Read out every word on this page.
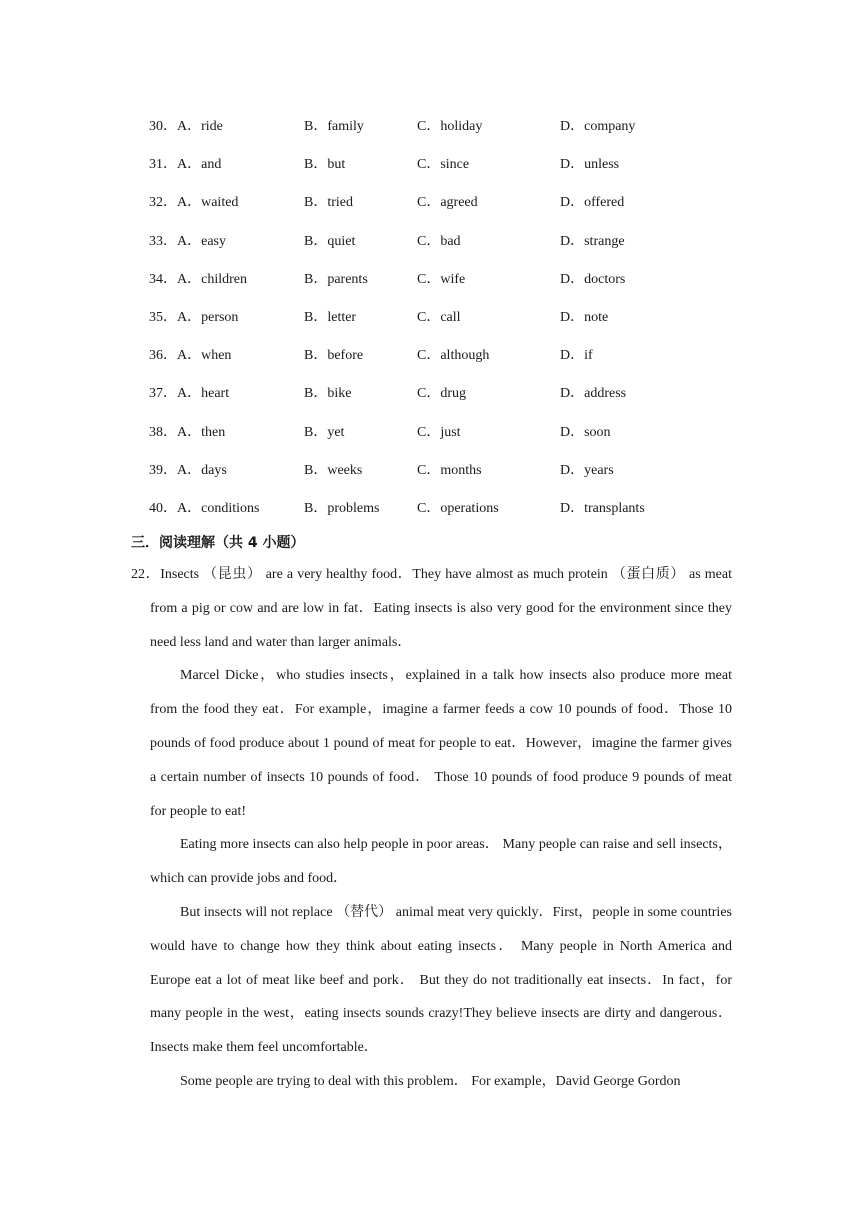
30．A．ride	B．family	C．holiday	D．company
31．A．and	B．but	C．since	D．unless
32．A．waited	B．tried	C．agreed	D．offered
33．A．easy	B．quiet	C．bad	D．strange
34．A．children	B．parents	C．wife	D．doctors
35．A．person	B．letter	C．call	D．note
36．A．when	B．before	C．although	D．if
37．A．heart	B．bike	C．drug	D．address
38．A．then	B．yet	C．just	D．soon
39．A．days	B．weeks	C．months	D．years
40．A．conditions	B．problems	C．operations	D．transplants
三．阅读理解（共 4 小题）

22．Insects （昆虫） are a very healthy food．They have almost as much protein （蛋白质） as meat from a pig or cow and are low in fat．Eating insects is also very good for the environment since they need less land and water than larger animals．

Marcel Dicke，who studies insects，explained in a talk how insects also produce more meat from the food they eat．For example，imagine a farmer feeds a cow 10 pounds of food．Those 10 pounds of food produce about 1 pound of meat for people to eat．However，imagine the farmer gives a certain number of insects 10 pounds of food． Those 10 pounds of food produce 9 pounds of meat for people to eat!

Eating more insects can also help people in poor areas． Many people can raise and sell insects，which can provide jobs and food．

But insects will not replace （替代） animal meat very quickly．First，people in some countries would have to change how they think about eating insects． Many people in North America and Europe eat a lot of meat like beef and pork． But they do not traditionally eat insects．In fact，for many people in the west，eating insects sounds crazy!They believe insects are dirty and dangerous． Insects make them feel uncomfortable．

Some people are trying to deal with this problem． For example，David George Gordon
